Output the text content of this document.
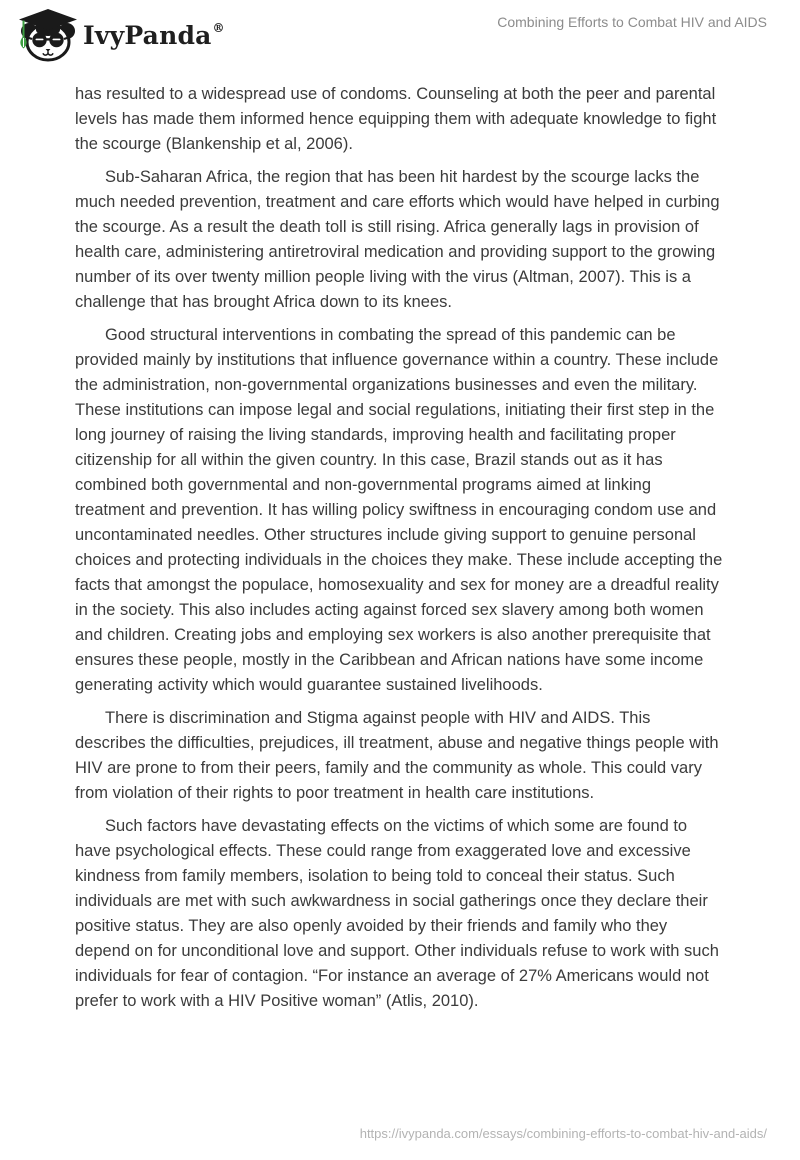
IvyPanda®	Combining Efforts to Combat HIV and AIDS

has resulted to a widespread use of condoms. Counseling at both the peer and parental levels has made them informed hence equipping them with adequate knowledge to fight the scourge (Blankenship et al, 2006).

Sub-Saharan Africa, the region that has been hit hardest by the scourge lacks the much needed prevention, treatment and care efforts which would have helped in curbing the scourge. As a result the death toll is still rising. Africa generally lags in provision of health care, administering antiretroviral medication and providing support to the growing number of its over twenty million people living with the virus (Altman, 2007). This is a challenge that has brought Africa down to its knees.

Good structural interventions in combating the spread of this pandemic can be provided mainly by institutions that influence governance within a country. These include the administration, non-governmental organizations businesses and even the military. These institutions can impose legal and social regulations, initiating their first step in the long journey of raising the living standards, improving health and facilitating proper citizenship for all within the given country. In this case, Brazil stands out as it has combined both governmental and non-governmental programs aimed at linking treatment and prevention. It has willing policy swiftness in encouraging condom use and uncontaminated needles. Other structures include giving support to genuine personal choices and protecting individuals in the choices they make. These include accepting the facts that amongst the populace, homosexuality and sex for money are a dreadful reality in the society. This also includes acting against forced sex slavery among both women and children. Creating jobs and employing sex workers is also another prerequisite that ensures these people, mostly in the Caribbean and African nations have some income generating activity which would guarantee sustained livelihoods.

There is discrimination and Stigma against people with HIV and AIDS. This describes the difficulties, prejudices, ill treatment, abuse and negative things people with HIV are prone to from their peers, family and the community as whole. This could vary from violation of their rights to poor treatment in health care institutions.

Such factors have devastating effects on the victims of which some are found to have psychological effects. These could range from exaggerated love and excessive kindness from family members, isolation to being told to conceal their status. Such individuals are met with such awkwardness in social gatherings once they declare their positive status. They are also openly avoided by their friends and family who they depend on for unconditional love and support. Other individuals refuse to work with such individuals for fear of contagion. “For instance an average of 27% Americans would not prefer to work with a HIV Positive woman” (Atlis, 2010).

https://ivypanda.com/essays/combining-efforts-to-combat-hiv-and-aids/
